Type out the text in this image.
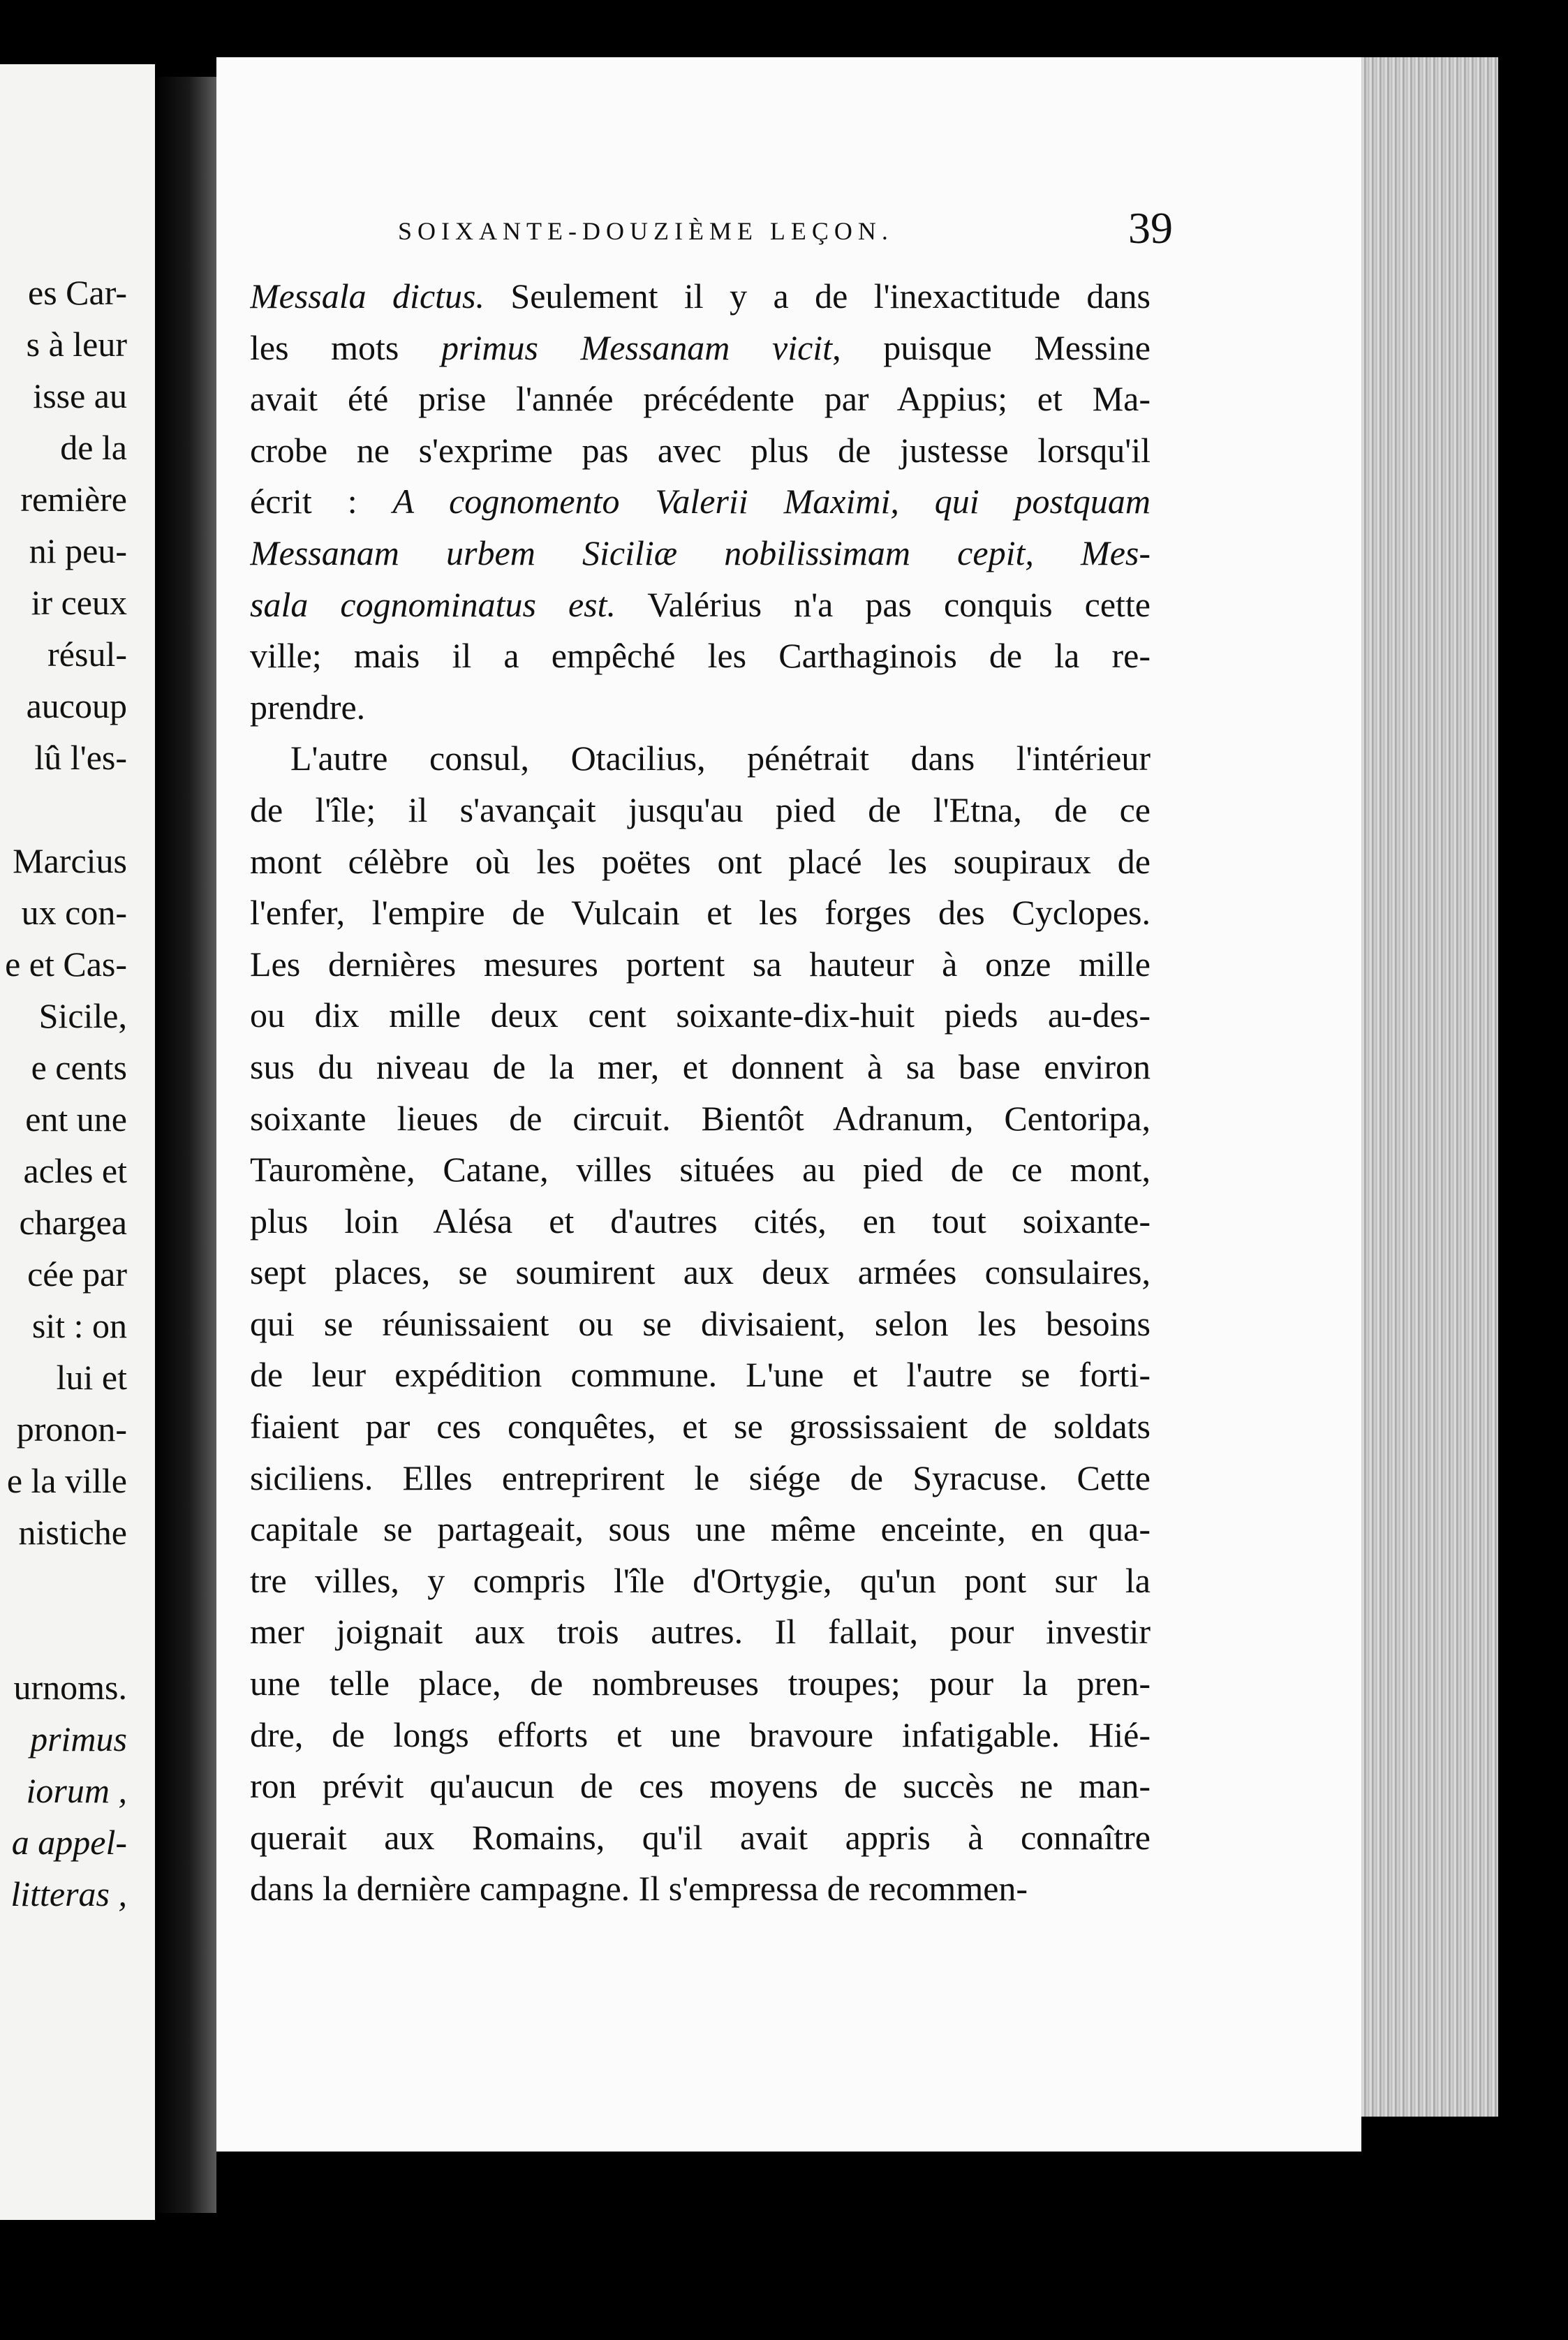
es Car-
s à leur
isse au
de la
remière
ni peu-
ir ceux
résul-
aucoup
lû l'es-
Marcius
ux con-
e et Cas-
Sicile,
e cents
ent une
acles et
chargea
cée par
sit : on
lui et
pronon-
e la ville
nistiche
urnoms.
primus
iorum ,
a appel-
litteras ,
SOIXANTE-DOUZIÈME LEÇON.	39
Messala dictus. Seulement il y a de l'inexactitude dans
les mots primus Messanam vicit, puisque Messine
avait été prise l'année précédente par Appius; et Ma-
crobe ne s'exprime pas avec plus de justesse lorsqu'il
écrit : A cognomento Valerii Maximi, qui postquam
Messanam urbem Siciliæ nobilissimam cepit, Mes-
sala cognominatus est. Valérius n'a pas conquis cette
ville; mais il a empêché les Carthaginois de la re-
prendre.
L'autre consul, Otacilius, pénétrait dans l'intérieur
de l'île; il s'avançait jusqu'au pied de l'Etna, de ce
mont célèbre où les poëtes ont placé les soupiraux de
l'enfer, l'empire de Vulcain et les forges des Cyclopes.
Les dernières mesures portent sa hauteur à onze mille
ou dix mille deux cent soixante-dix-huit pieds au-des-
sus du niveau de la mer, et donnent à sa base environ
soixante lieues de circuit. Bientôt Adranum, Centoripa,
Tauromène, Catane, villes situées au pied de ce mont,
plus loin Alésa et d'autres cités, en tout soixante-
sept places, se soumirent aux deux armées consulaires,
qui se réunissaient ou se divisaient, selon les besoins
de leur expédition commune. L'une et l'autre se forti-
fiaient par ces conquêtes, et se grossissaient de soldats
siciliens. Elles entreprirent le siége de Syracuse. Cette
capitale se partageait, sous une même enceinte, en qua-
tre villes, y compris l'île d'Ortygie, qu'un pont sur la
mer joignait aux trois autres. Il fallait, pour investir
une telle place, de nombreuses troupes; pour la pren-
dre, de longs efforts et une bravoure infatigable. Hié-
ron prévit qu'aucun de ces moyens de succès ne man-
querait aux Romains, qu'il avait appris à connaître
dans la dernière campagne. Il s'empressa de recommen-
